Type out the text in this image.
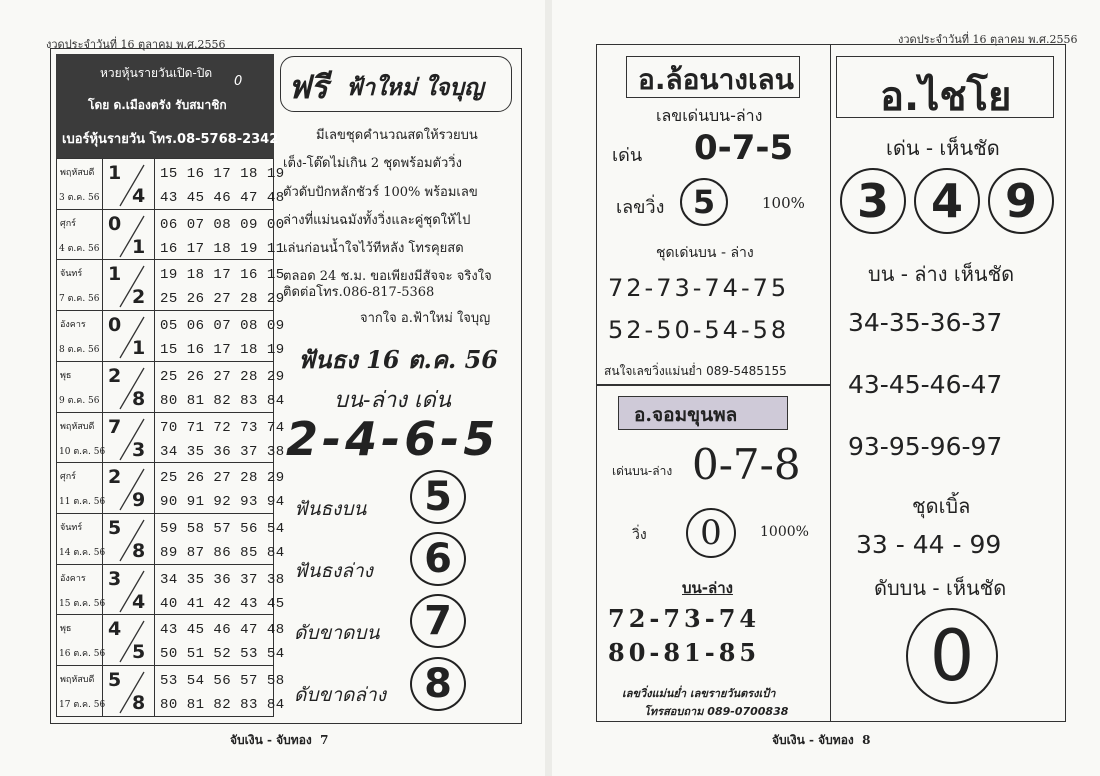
งวดประจำวันที่ 16 ตุลาคม พ.ศ.2556
หวยหุ้นรายวันเปิด-ปิด
0
โดย ด.เมืองตรัง รับสมาชิก
เบอร์หุ้นรายวัน โทร.08-5768-2342
พฤหัสบดี
3 ต.ค. 56
1
4
15 16 17 18 19
43 45 46 47 48
ศุกร์
4 ต.ค. 56
0
1
06 07 08 09 00
16 17 18 19 11
จันทร์
7 ต.ค. 56
1
2
19 18 17 16 15
25 26 27 28 29
อังคาร
8 ต.ค. 56
0
1
05 06 07 08 09
15 16 17 18 19
พุธ
9 ต.ค. 56
2
8
25 26 27 28 29
80 81 82 83 84
พฤหัสบดี
10 ต.ค. 56
7
3
70 71 72 73 74
34 35 36 37 38
ศุกร์
11 ต.ค. 56
2
9
25 26 27 28 29
90 91 92 93 94
จันทร์
14 ต.ค. 56
5
8
59 58 57 56 54
89 87 86 85 84
อังคาร
15 ต.ค. 56
3
4
34 35 36 37 38
40 41 42 43 45
พุธ
16 ต.ค. 56
4
5
43 45 46 47 48
50 51 52 53 54
พฤหัสบดี
17 ต.ค. 56
5
8
53 54 56 57 58
80 81 82 83 84
ฟรี ฟ้าใหม่ ใจบุญ
มีเลขชุดคำนวณสดให้รวยบน
เต็ง-โต๊ดไม่เกิน 2 ชุดพร้อมตัววิ่ง
ตัวดับปักหลักชัวร์ 100% พร้อมเลข
ล่างที่แม่นฉมังทั้งวิ่งและคู่ชุดให้ไป
เล่นก่อนน้ำใจไว้ทีหลัง โทรคุยสด
ตลอด 24 ช.ม. ขอเพียงมีสัจจะ จริงใจ
ติดต่อโทร.086-817-5368
จากใจ อ.ฟ้าใหม่ ใจบุญ
ฟันธง 16 ต.ค. 56
บน-ล่าง เด่น
2-4-6-5
ฟันธงบน 5
ฟันธงล่าง 6
ดับขาดบน 7
ดับขาดล่าง 8
จับเงิน - จับทอง 7
งวดประจำวันที่ 16 ตุลาคม พ.ศ.2556
อ.ล้อนางเลน
เลขเด่นบน-ล่าง
เด่น 0-7-5
เลขวิ่ง 5	100%
ชุดเด่นบน - ล่าง
72-73-74-75
52-50-54-58
สนใจเลขวิ่งแม่นย่ำ 089-5485155
อ.จอมขุนพล
เด่นบน-ล่าง 0-7-8
วิ่ง 0	1000%
บน-ล่าง
72-73-74
80-81-85
เลขวิ่งแม่นย่ำ เลขรายวันตรงเป้า
โทรสอบถาม 089-0700838
อ.ไชโย
เด่น - เห็นชัด
3 4 9
บน - ล่าง เห็นชัด
34-35-36-37
43-45-46-47
93-95-96-97
ชุดเบิ้ล
33 - 44 - 99
ดับบน - เห็นชัด
0
จับเงิน - จับทอง 8
